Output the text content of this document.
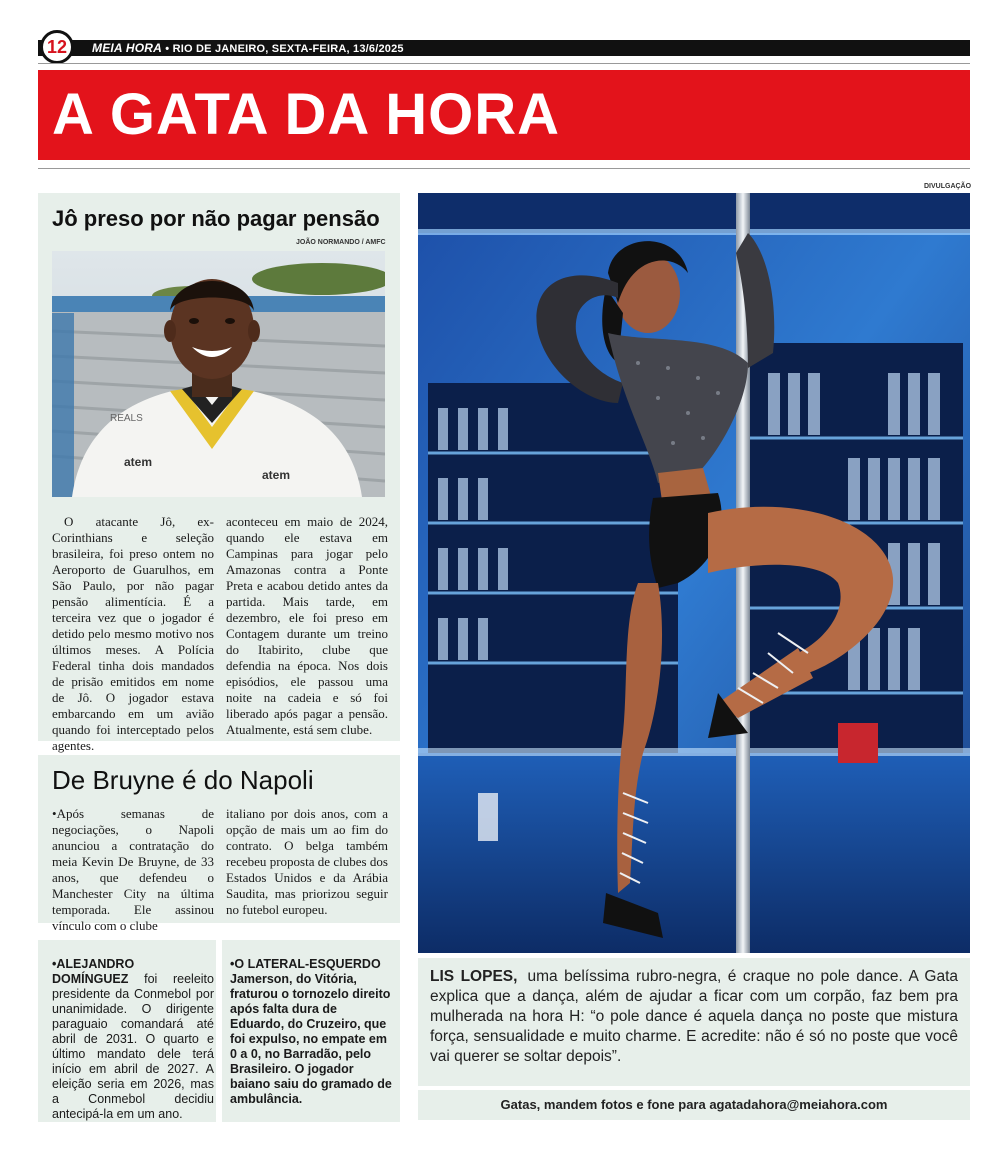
12	MEIA HORA • RIO DE JANEIRO, SEXTA-FEIRA, 13/6/2025
A GATA DA HORA
Jô preso por não pagar pensão
JOÃO NORMANDO / AMFC
REALS
atem
atem

O atacante Jô, ex-Corinthians e seleção brasileira, foi preso ontem no Aeroporto de Guarulhos, em São Paulo, por não pagar pensão alimentícia. É a terceira vez que o jogador é detido pelo mesmo motivo nos últimos meses. A Polícia Federal tinha dois mandados de prisão emitidos em nome de Jô. O jogador estava embarcando em um avião quando foi interceptado pelos agentes.

aconteceu em maio de 2024, quando ele estava em Campinas para jogar pelo Amazonas contra a Ponte Preta e acabou detido antes da partida. Mais tarde, em dezembro, ele foi preso em Contagem durante um treino do Itabirito, clube que defendia na época. Nos dois episódios, ele passou uma noite na cadeia e só foi liberado após pagar a pensão. Atualmente, está sem clube.

De Bruyne é do Napoli

•Após semanas de negociações, o Napoli anunciou a contratação do meia Kevin De Bruyne, de 33 anos, que defendeu o Manchester City na última temporada. Ele assinou vínculo com o clube

italiano por dois anos, com a opção de mais um ao fim do contrato. O belga também recebeu proposta de clubes dos Estados Unidos e da Arábia Saudita, mas priorizou seguir no futebol europeu.

•ALEJANDRO DOMÍNGUEZ foi reeleito presidente da Conmebol por unanimidade. O dirigente paraguaio comandará até abril de 2031. O quarto e último mandato dele terá início em abril de 2027. A eleição seria em 2026, mas a Conmebol decidiu antecipá-la em um ano.
•O LATERAL-ESQUERDO Jamerson, do Vitória, fraturou o tornozelo direito após falta dura de Eduardo, do Cruzeiro, que foi expulso, no empate em 0 a 0, no Barradão, pelo Brasileiro. O jogador baiano saiu do gramado de ambulância.
DIVULGAÇÃO
LIS LOPES, uma belíssima rubro-negra, é craque no pole dance. A Gata explica que a dança, além de ajudar a ficar com um corpão, faz bem pra mulherada na hora H: “o pole dance é aquela dança no poste que mistura força, sensualidade e muito charme. E acredite: não é só no poste que você vai querer se soltar depois”.
Gatas, mandem fotos e fone para agatadahora@meiahora.com
